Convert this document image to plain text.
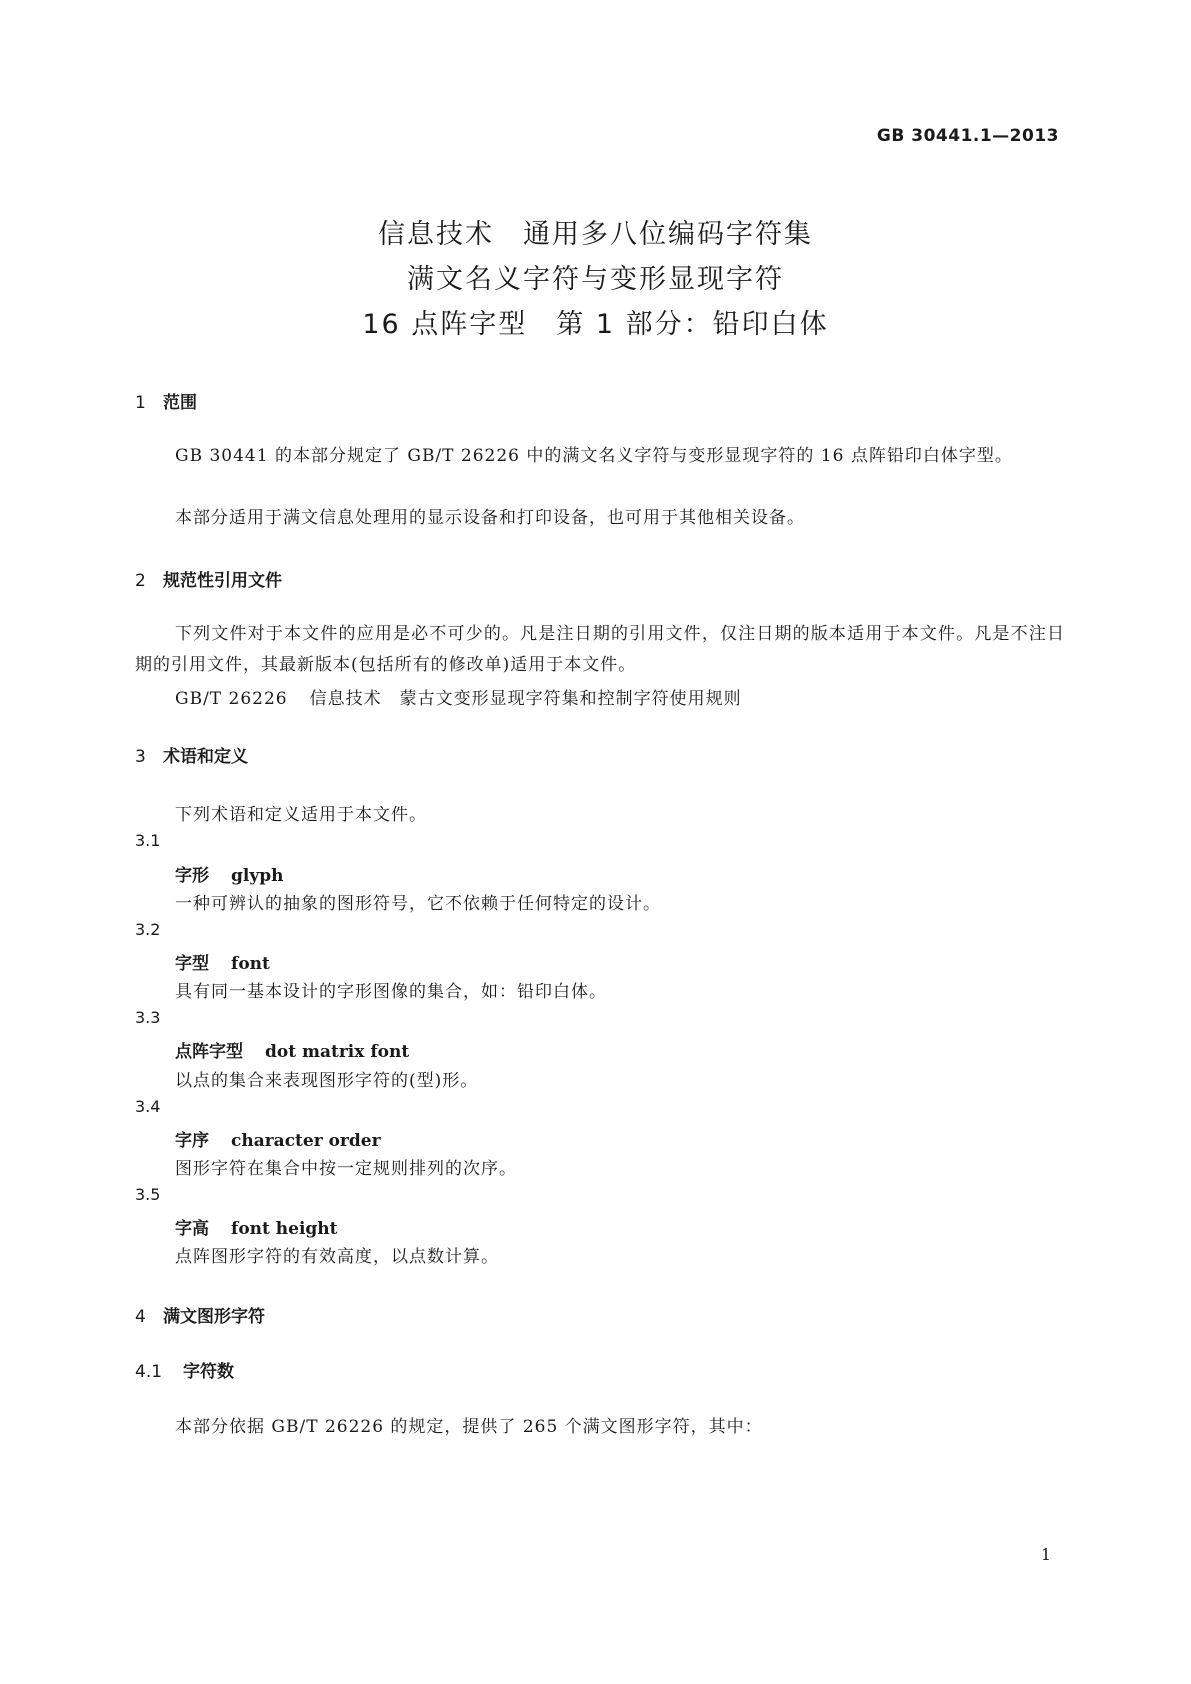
GB 30441.1—2013
信息技术　通用多八位编码字符集
满文名义字符与变形显现字符
16 点阵字型　第 1 部分：铅印白体
1 范围
GB 30441 的本部分规定了 GB/T 26226 中的满文名义字符与变形显现字符的 16 点阵铅印白体字型。
本部分适用于满文信息处理用的显示设备和打印设备，也可用于其他相关设备。
2 规范性引用文件
下列文件对于本文件的应用是必不可少的。凡是注日期的引用文件，仅注日期的版本适用于本文件。凡是不注日期的引用文件，其最新版本(包括所有的修改单)适用于本文件。
GB/T 26226 信息技术　蒙古文变形显现字符集和控制字符使用规则
3 术语和定义
下列术语和定义适用于本文件。
3.1
字形 glyph
一种可辨认的抽象的图形符号，它不依赖于任何特定的设计。
3.2
字型 font
具有同一基本设计的字形图像的集合，如：铅印白体。
3.3
点阵字型 dot matrix font
以点的集合来表现图形字符的(型)形。
3.4
字序 character order
图形字符在集合中按一定规则排列的次序。
3.5
字高 font height
点阵图形字符的有效高度，以点数计算。
4 满文图形字符
4.1 字符数
本部分依据 GB/T 26226 的规定，提供了 265 个满文图形字符，其中：
1
